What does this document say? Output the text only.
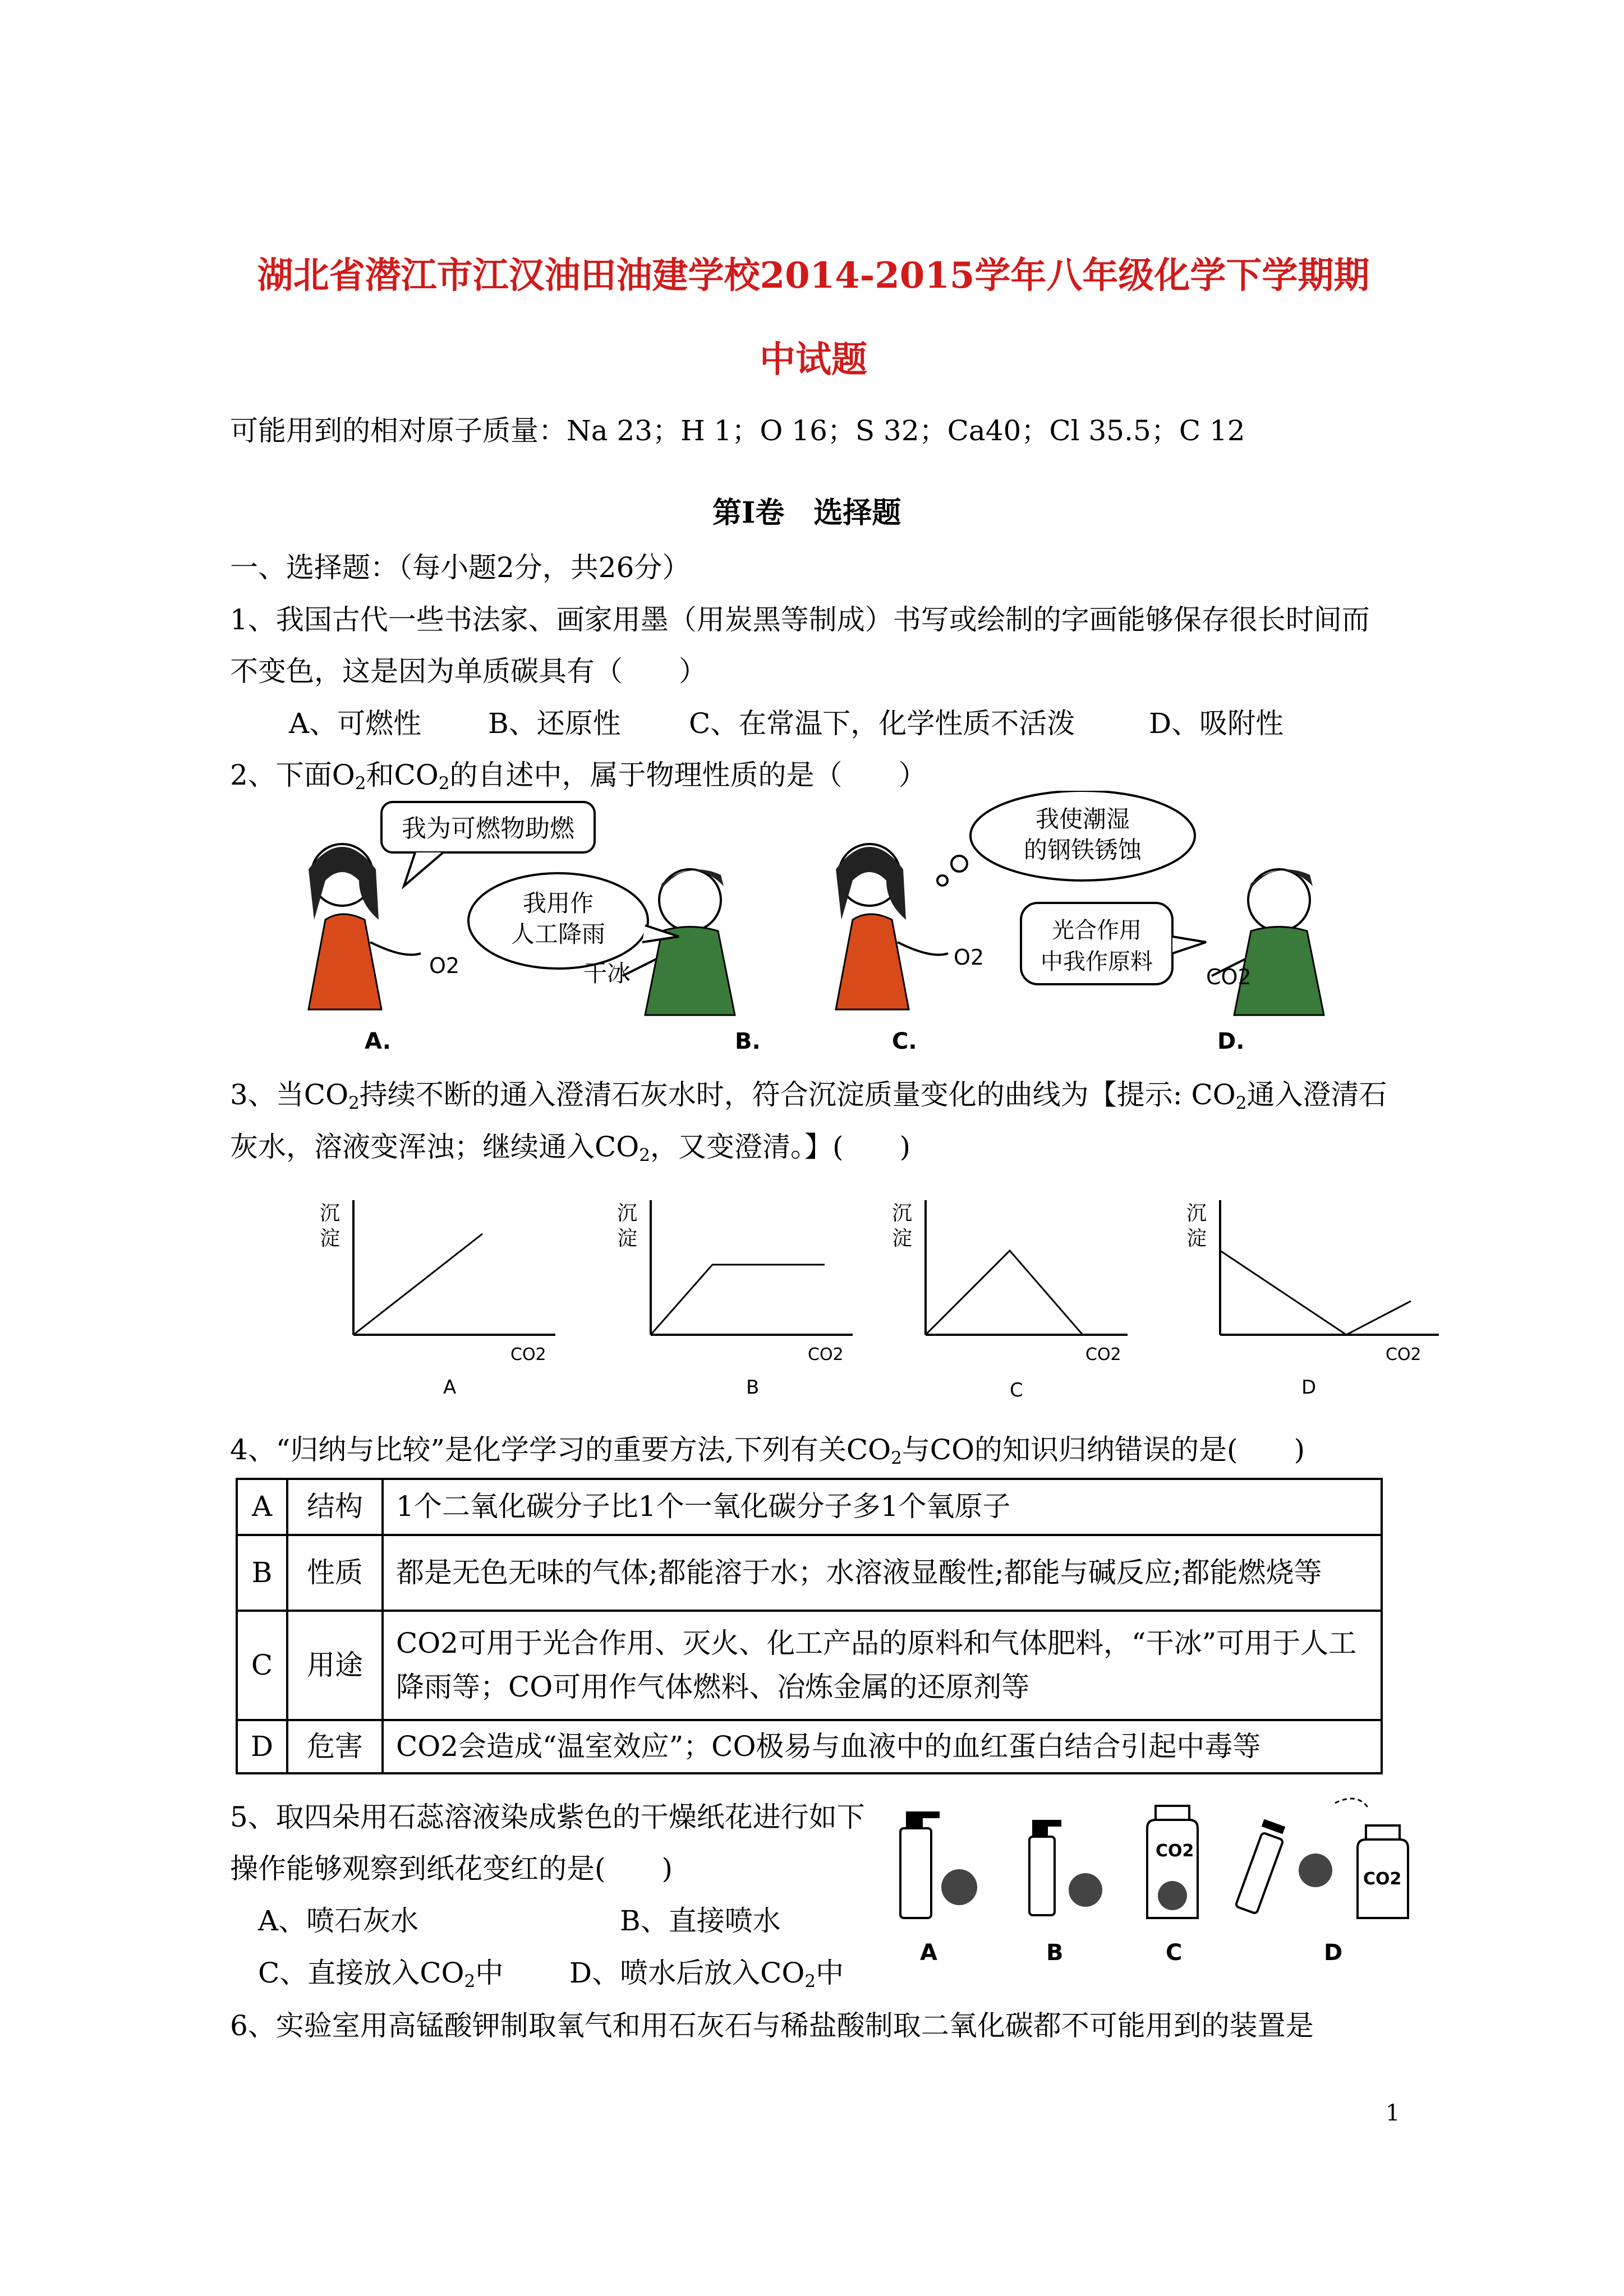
湖北省潜江市江汉油田油建学校2014-2015学年八年级化学下学期期
中试题
可能用到的相对原子质量：Na 23；H 1；O 16；S 32；Ca40；Cl 35.5；C 12
第Ⅰ卷　选择题
一、选择题：（每小题2分，共26分）
1、我国古代一些书法家、画家用墨（用炭黑等制成）书写或绘制的字画能够保存很长时间而
不变色，这是因为单质碳具有（　　）
A、可燃性 B、还原性 C、在常温下，化学性质不活泼	D、吸附性
2、下面$O_2$和$CO_2$的自述中，属于物理性质的是（　　）
我为可燃物助燃
我用作
人工降雨
我使潮湿
的钢铁锈蚀
光合作用
中我作原料
O2	干冰
O2
CO2
A.	B.	C.	D.
3、当$CO_2$持续不断的通入澄清石灰水时，符合沉淀质量变化的曲线为【提示: $CO_2$通入澄清石
灰水，溶液变浑浊；继续通入$CO_2$，又变澄清。】(　　)
沉
淀
CO2
A
沉
淀
CO2
B
沉
淀
CO2
C
沉
淀
CO2
D
4、“归纳与比较”是化学学习的重要方法,下列有关$CO_2$与CO的知识归纳错误的是(　　)
A	结构	1个二氧化碳分子比1个一氧化碳分子多1个氧原子
B	性质	都是无色无味的气体;都能溶于水；水溶液显酸性;都能与碱反应;都能燃烧等
C	用途	CO2可用于光合作用、灭火、化工产品的原料和气体肥料，“干冰”可用于人工降雨等；CO可用作气体燃料、冶炼金属的还原剂等
D	危害	CO2会造成“温室效应”；CO极易与血液中的血红蛋白结合引起中毒等
5、取四朵用石蕊溶液染成紫色的干燥纸花进行如下
操作能够观察到纸花变红的是(　　)
A、喷石灰水	B、直接喷水
C、直接放入$CO_2$中 D、喷水后放入$CO_2$中
CO2
CO2
A	B	C	D
6、实验室用高锰酸钾制取氧气和用石灰石与稀盐酸制取二氧化碳都不可能用到的装置是
1
